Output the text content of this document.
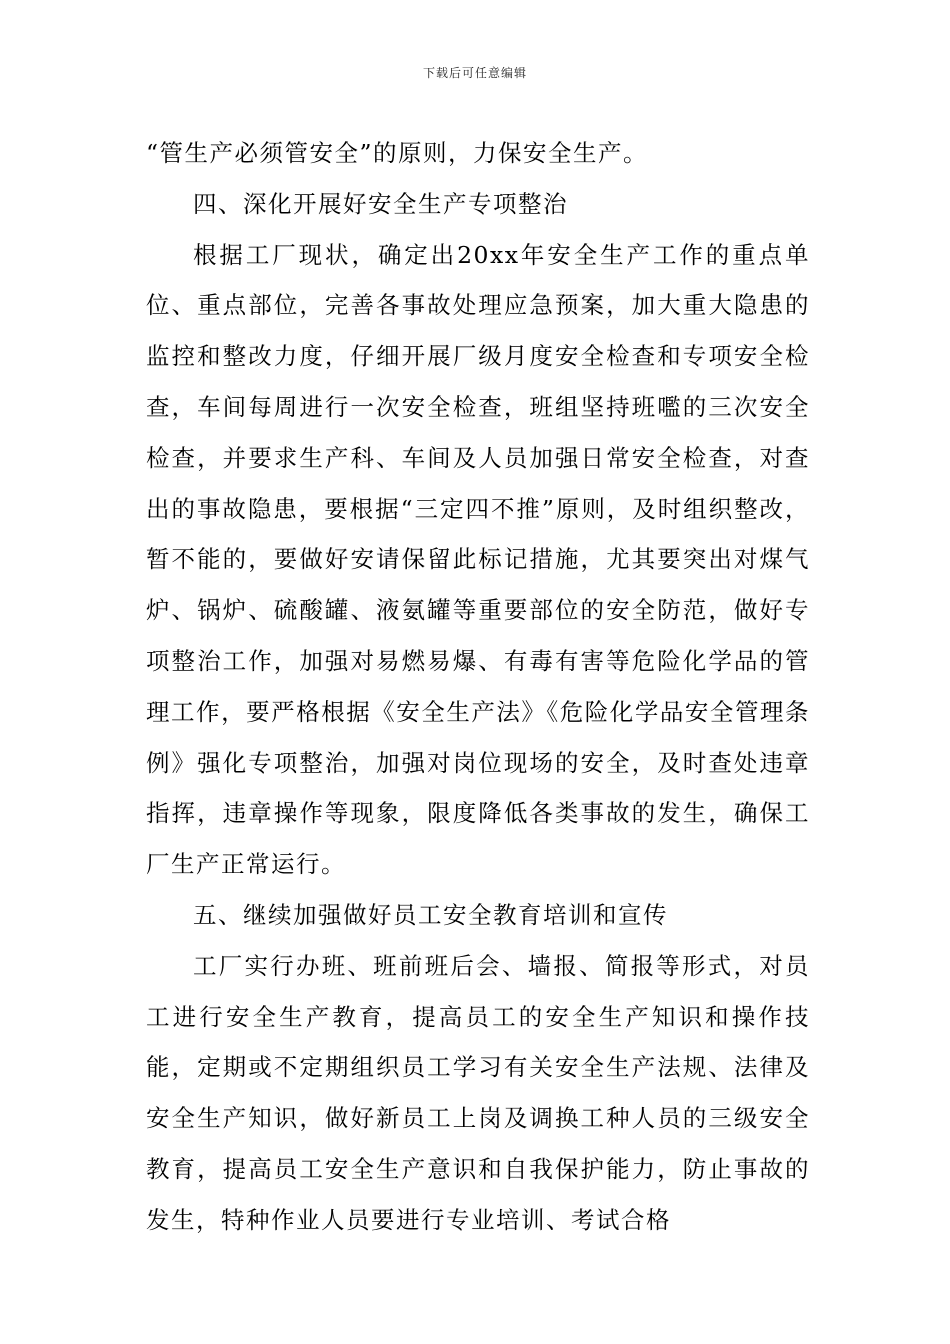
下载后可任意编辑

“管生产必须管安全”的原则，力保安全生产。

四、深化开展好安全生产专项整治

根据工厂现状，确定出20xx年安全生产工作的重点单位、重点部位，完善各事故处理应急预案，加大重大隐患的监控和整改力度，仔细开展厂级月度安全检查和专项安全检查，车间每周进行一次安全检查，班组坚持班嚂的三次安全检查，并要求生产科、车间及人员加强日常安全检查，对查出的事故隐患，要根据“三定四不推”原则，及时组织整改，暂不能的，要做好安请保留此标记措施，尤其要突出对煤气炉、锅炉、硫酸罐、液氨罐等重要部位的安全防范，做好专项整治工作，加强对易燃易爆、有毒有害等危险化学品的管理工作，要严格根据《安全生产法》《危险化学品安全管理条例》强化专项整治，加强对岗位现场的安全，及时查处违章指挥，违章操作等现象，限度降低各类事故的发生，确保工厂生产正常运行。

五、继续加强做好员工安全教育培训和宣传

工厂实行办班、班前班后会、墙报、简报等形式，对员工进行安全生产教育，提高员工的安全生产知识和操作技能，定期或不定期组织员工学习有关安全生产法规、法律及安全生产知识，做好新员工上岗及调换工种人员的三级安全教育，提高员工安全生产意识和自我保护能力，防止事故的发生，特种作业人员要进行专业培训、考试合格
